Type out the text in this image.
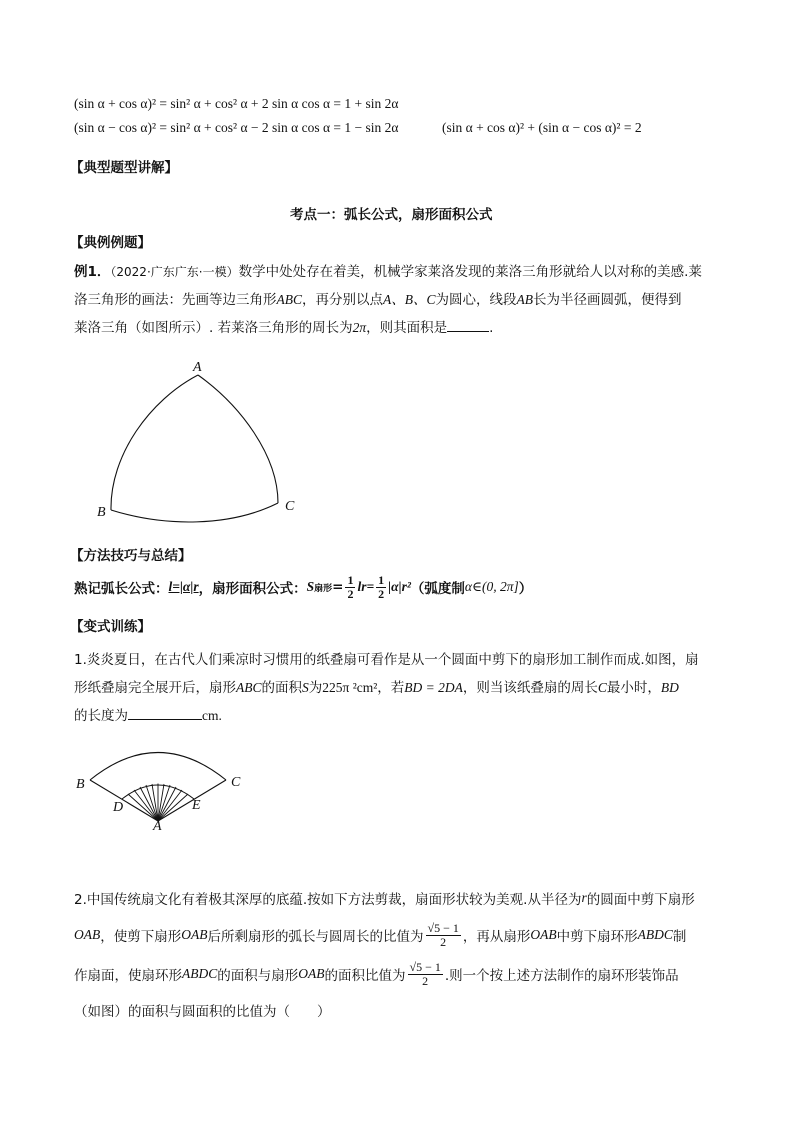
(sin α + cos α)² = sin² α + cos² α + 2 sin α cos α = 1 + sin 2α
(sin α − cos α)² = sin² α + cos² α − 2 sin α cos α = 1 − sin 2α	(sin α + cos α)² + (sin α − cos α)² = 2
【典型题型讲解】
考点一：弧长公式，扇形面积公式
【典例例题】
例1．（2022·广东广东·一模）数学中处处存在着美，机械学家莱洛发现的莱洛三角形就给人以对称的美感.莱
洛三角形的画法：先画等边三角形ABC，再分别以点A、B、C为圆心，线段AB长为半径画圆弧，便得到
莱洛三角（如图所示）. 若莱洛三角形的周长为2π，则其面积是	.
A
B	C
【方法技巧与总结】
熟记弧长公式： l=|α|r ，扇形面积公式： S 扇形 = $\frac{1}{2} lr= \frac{1}{2} |\alpha|r^2$ （弧度制 α∈(0, 2π] ）
【变式训练】
1.炎炎夏日，在古代人们乘凉时习惯用的纸叠扇可看作是从一个圆面中剪下的扇形加工制作而成.如图，扇
形纸叠扇完全展开后，扇形ABC的面积S为225π ²cm²，若BD = 2DA，则当该纸叠扇的周长C最小时，BD
的长度为	cm.
B	C
D	E
A
2.中国传统扇文化有着极其深厚的底蕴.按如下方法剪裁，扇面形状较为美观.从半径为 r 的圆面中剪下扇形
OAB ，使剪下扇形 OAB 后所剩扇形的弧长与圆周长的比值为 $\frac{√5 - 1}{2}$ ，再从扇形 OAB 中剪下扇环形 ABDC 制
作扇面，使扇环形 ABDC 的面积与扇形 OAB 的面积比值为 $\frac{√5 - 1}{2}$ .则一个按上述方法制作的扇环形装饰品
（如图）的面积与圆面积的比值为（　　）
